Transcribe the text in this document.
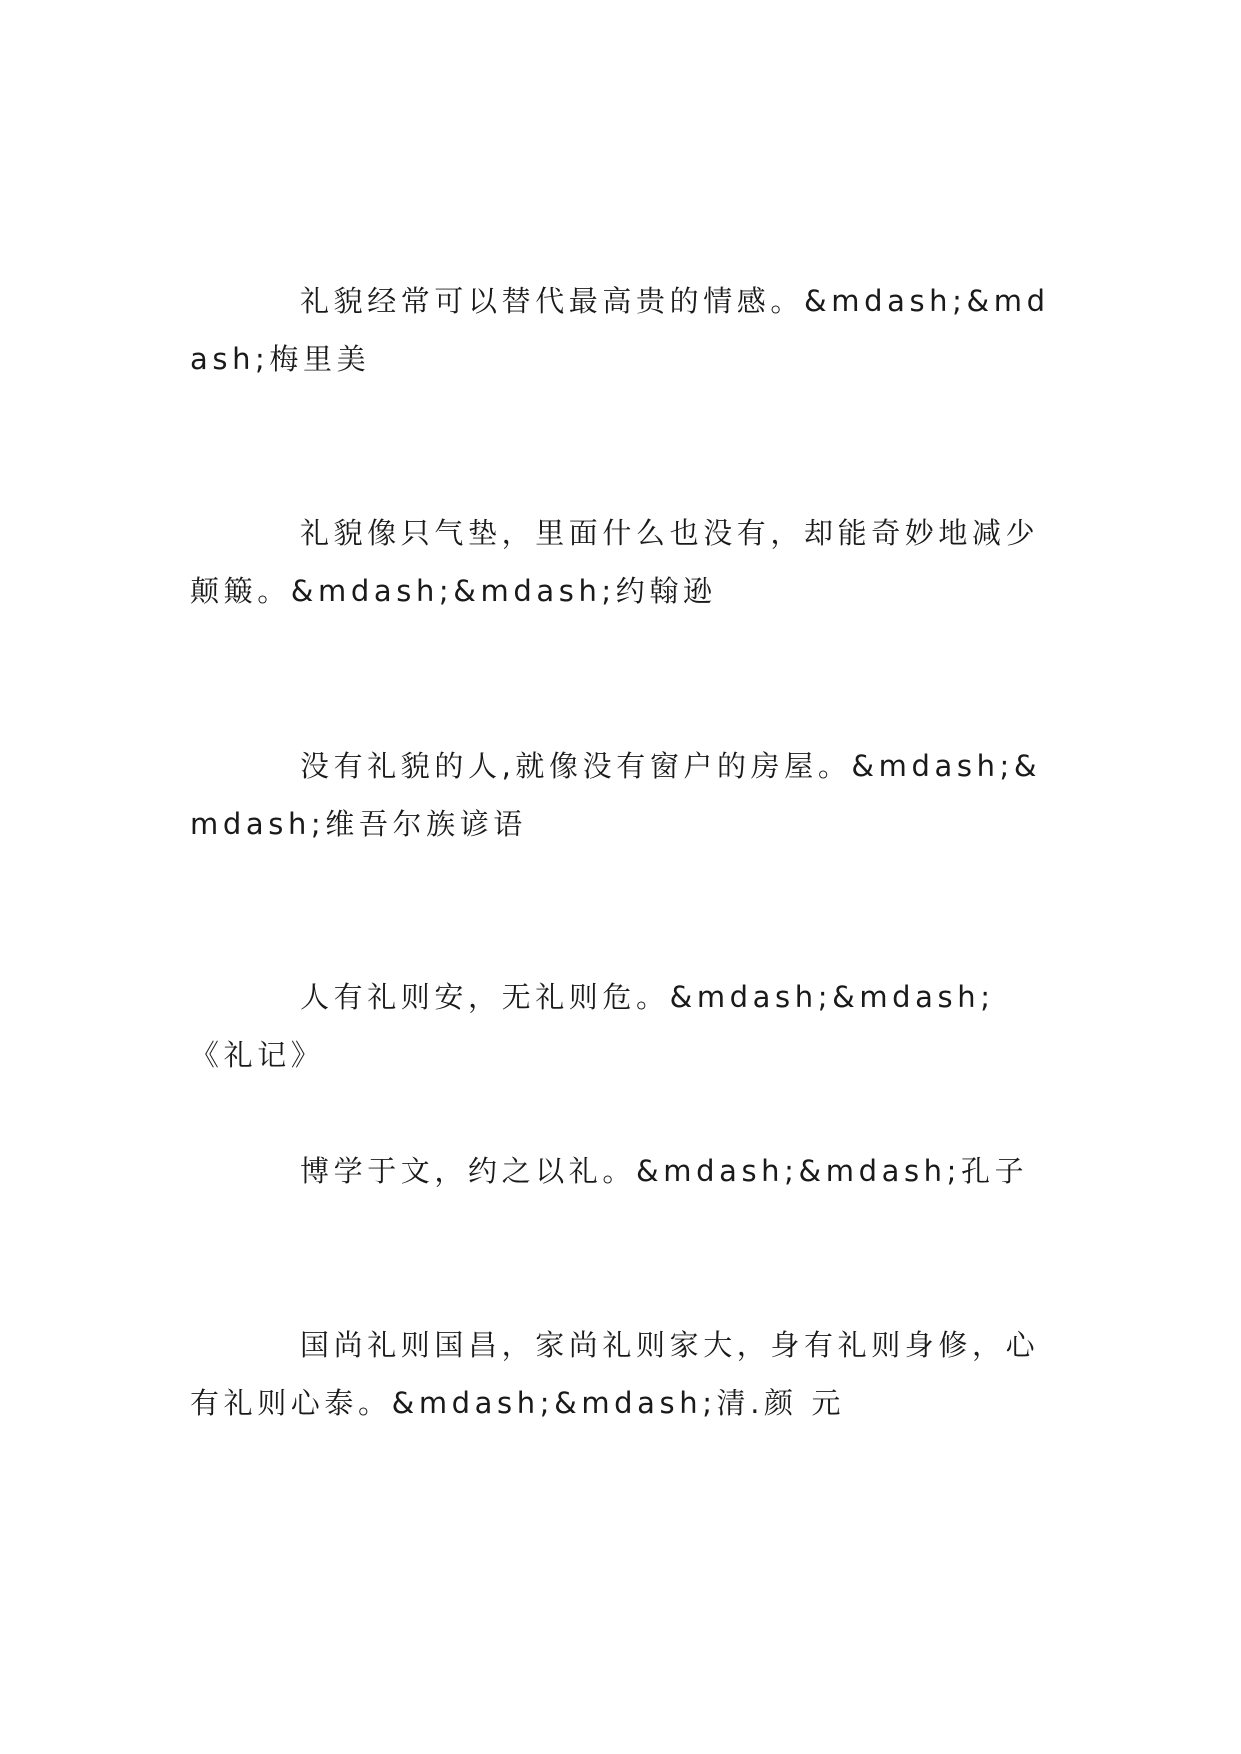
礼貌经常可以替代最高贵的情感。&mdash;&mdash;梅里美

礼貌像只气垫，里面什么也没有，却能奇妙地减少颠簸。&mdash;&mdash;约翰逊

没有礼貌的人,就像没有窗户的房屋。&mdash;&mdash;维吾尔族谚语

人有礼则安，无礼则危。&mdash;&mdash;《礼记》

博学于文，约之以礼。&mdash;&mdash;孔子

国尚礼则国昌，家尚礼则家大，身有礼则身修，心有礼则心泰。&mdash;&mdash;清.颜 元
